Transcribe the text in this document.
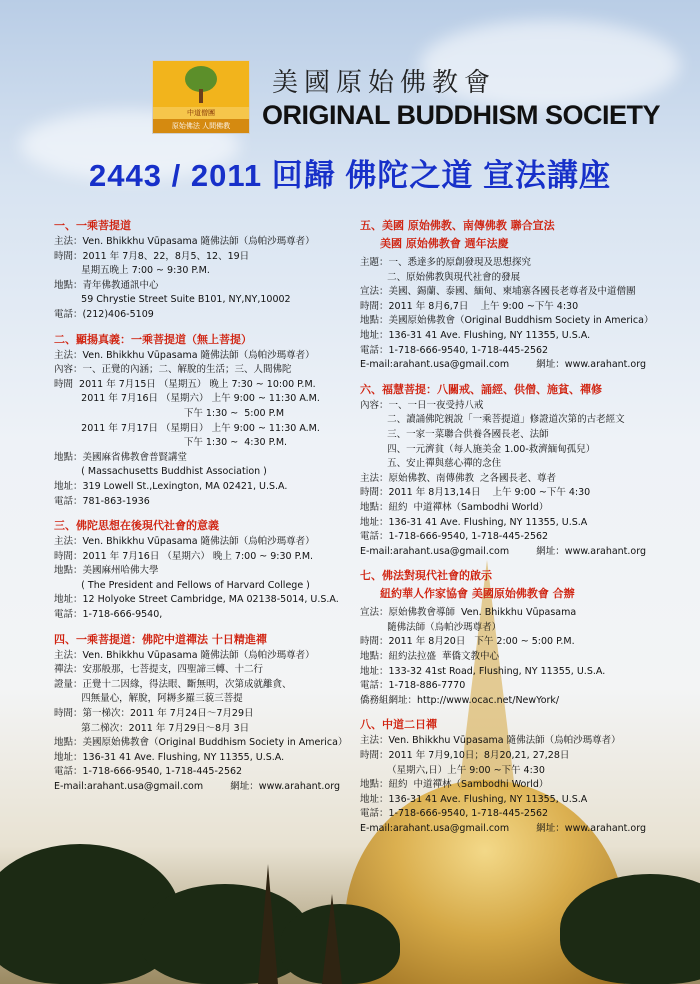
中道僧團
原始佛法 人間佛教
美國原始佛教會
ORIGINAL BUDDHISM SOCIETY
2443 / 2011 回歸 佛陀之道 宣法講座
一、一乘菩提道
主法：Ven. Bhikkhu Vūpasama 隨佛法師（烏帕沙瑪尊者）
時間：2011 年 7月8、22，8月5、12、19日
星期五晚上 7:00 ~ 9:30 P.M.
地點：青年佛教通訊中心
59 Chrystie Street Suite B101, NY,NY,10002
電話：(212)406-5109
二、顯揚真義：一乘菩提道（無上菩提）
主法：Ven. Bhikkhu Vūpasama 隨佛法師（烏帕沙瑪尊者）
內容：一、正覺的內涵；二、解脫的生活；三、人間佛陀
時間  2011 年 7月15日 （星期五） 晚上 7:30 ~ 10:00 P.M.
2011 年 7月16日 （星期六） 上午 9:00 ~ 11:30 A.M.
下午 1:30 ~  5:00 P.M
2011 年 7月17日 （星期日） 上午 9:00 ~ 11:30 A.M.
下午 1:30 ~  4:30 P.M.
地點：美國麻省佛教會普賢講堂
( Massachusetts Buddhist Association )
地址：319 Lowell St.,Lexington, MA 02421, U.S.A.
電話：781-863-1936
三、佛陀思想在後現代社會的意義
主法：Ven. Bhikkhu Vūpasama 隨佛法師（烏帕沙瑪尊者）
時間：2011 年 7月16日 （星期六） 晚上 7:00 ~ 9:30 P.M.
地點：美國麻州哈佛大學
( The President and Fellows of Harvard College )
地址：12 Holyoke Street Cambridge, MA 02138-5014, U.S.A.
電話：1-718-666-9540,
四、一乘菩提道：佛陀中道禪法 十日精進禪
主法：Ven. Bhikkhu Vūpasama 隨佛法師（烏帕沙瑪尊者）
禪法：安那般那，七菩提支，四聖諦三轉、十二行
證量：正覺十二因緣，得法眼、斷無明，次第成就離貪、
四無量心，解脫，阿耨多羅三藐三菩提
時間：第一梯次：2011 年 7月24日～7月29日
第二梯次：2011 年 7月29日～8月 3日
地點：美國原始佛教會（Original Buddhism Society in America）
地址：136-31 41 Ave. Flushing, NY 11355, U.S.A.
電話：1-718-666-9540, 1-718-445-2562
E-mail:arahant.usa@gmail.com         網址：www.arahant.org
五、美國 原始佛教、南傳佛教 聯合宣法
美國 原始佛教會 週年法慶
主題：一、悉達多的原創發現及思想探究
二、原始佛教與現代社會的發展
宣法：美國、錫蘭、泰國、緬甸、柬埔寨各國長老尊者及中道僧團
時間：2011 年 8月6,7日    上午 9:00 ~下午 4:30
地點：美國原始佛教會（Original Buddhism Society in America）
地址：136-31 41 Ave. Flushing, NY 11355, U.S.A.
電話：1-718-666-9540, 1-718-445-2562
E-mail:arahant.usa@gmail.com         網址：www.arahant.org
六、福慧菩提：八關戒、誦經、供僧、施貧、禪修
內容：一、一日一夜受持八戒
二、讀誦佛陀親說「一乘菩提道」修證道次第的古老經文
三、一家一菜聯合供養各國長老、法師
四、一元濟貧（每人施美金 1.00-救濟緬甸孤兒）
五、安止禪與慈心禪的念住
主法：原始佛教、南傳佛教  之各國長老、尊者
時間：2011 年 8月13,14日    上午 9:00 ~下午 4:30
地點：紐約  中道禪林（Sambodhi World）
地址：136-31 41 Ave. Flushing, NY 11355, U.S.A
電話：1-718-666-9540, 1-718-445-2562
E-mail:arahant.usa@gmail.com         網址：www.arahant.org
七、佛法對現代社會的啟示
紐約華人作家協會 美國原始佛教會 合辦
宣法：原始佛教會導師  Ven. Bhikkhu Vūpasama
隨佛法師（烏帕沙瑪尊者）
時間：2011 年 8月20日   下午 2:00 ~ 5:00 P.M.
地點：紐約法拉盛  華僑文教中心
地址：133-32 41st Road, Flushing, NY 11355, U.S.A.
電話：1-718-886-7770
僑務組網址：http://www.ocac.net/NewYork/
八、中道二日禪
主法：Ven. Bhikkhu Vūpasama 隨佛法師（烏帕沙瑪尊者）
時間：2011 年 7月9,10日；8月20,21, 27,28日
（星期六,日）上午 9:00 ~下午 4:30
地點：紐約  中道禪林（Sambodhi World）
地址：136-31 41 Ave. Flushing, NY 11355, U.S.A
電話：1-718-666-9540, 1-718-445-2562
E-mail:arahant.usa@gmail.com         網址：www.arahant.org
